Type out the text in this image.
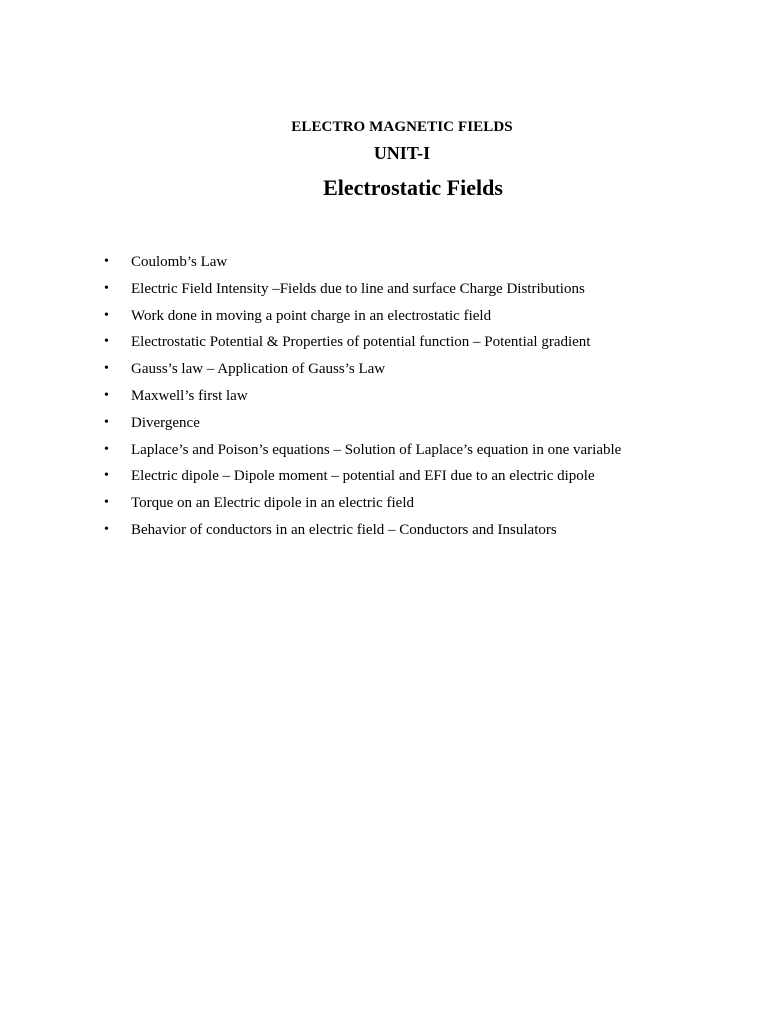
ELECTRO MAGNETIC FIELDS
UNIT-I
Electrostatic Fields
• Coulomb’s Law
• Electric Field Intensity –Fields due to line and surface Charge Distributions
• Work done in moving a point charge in an electrostatic field
• Electrostatic Potential & Properties of potential function – Potential gradient
• Gauss’s law – Application of Gauss’s Law
• Maxwell’s first law
• Divergence
• Laplace’s and Poison’s equations – Solution of Laplace’s equation in one variable
• Electric dipole – Dipole moment – potential and EFI due to an electric dipole
• Torque on an Electric dipole in an electric field
• Behavior of conductors in an electric field – Conductors and Insulators
